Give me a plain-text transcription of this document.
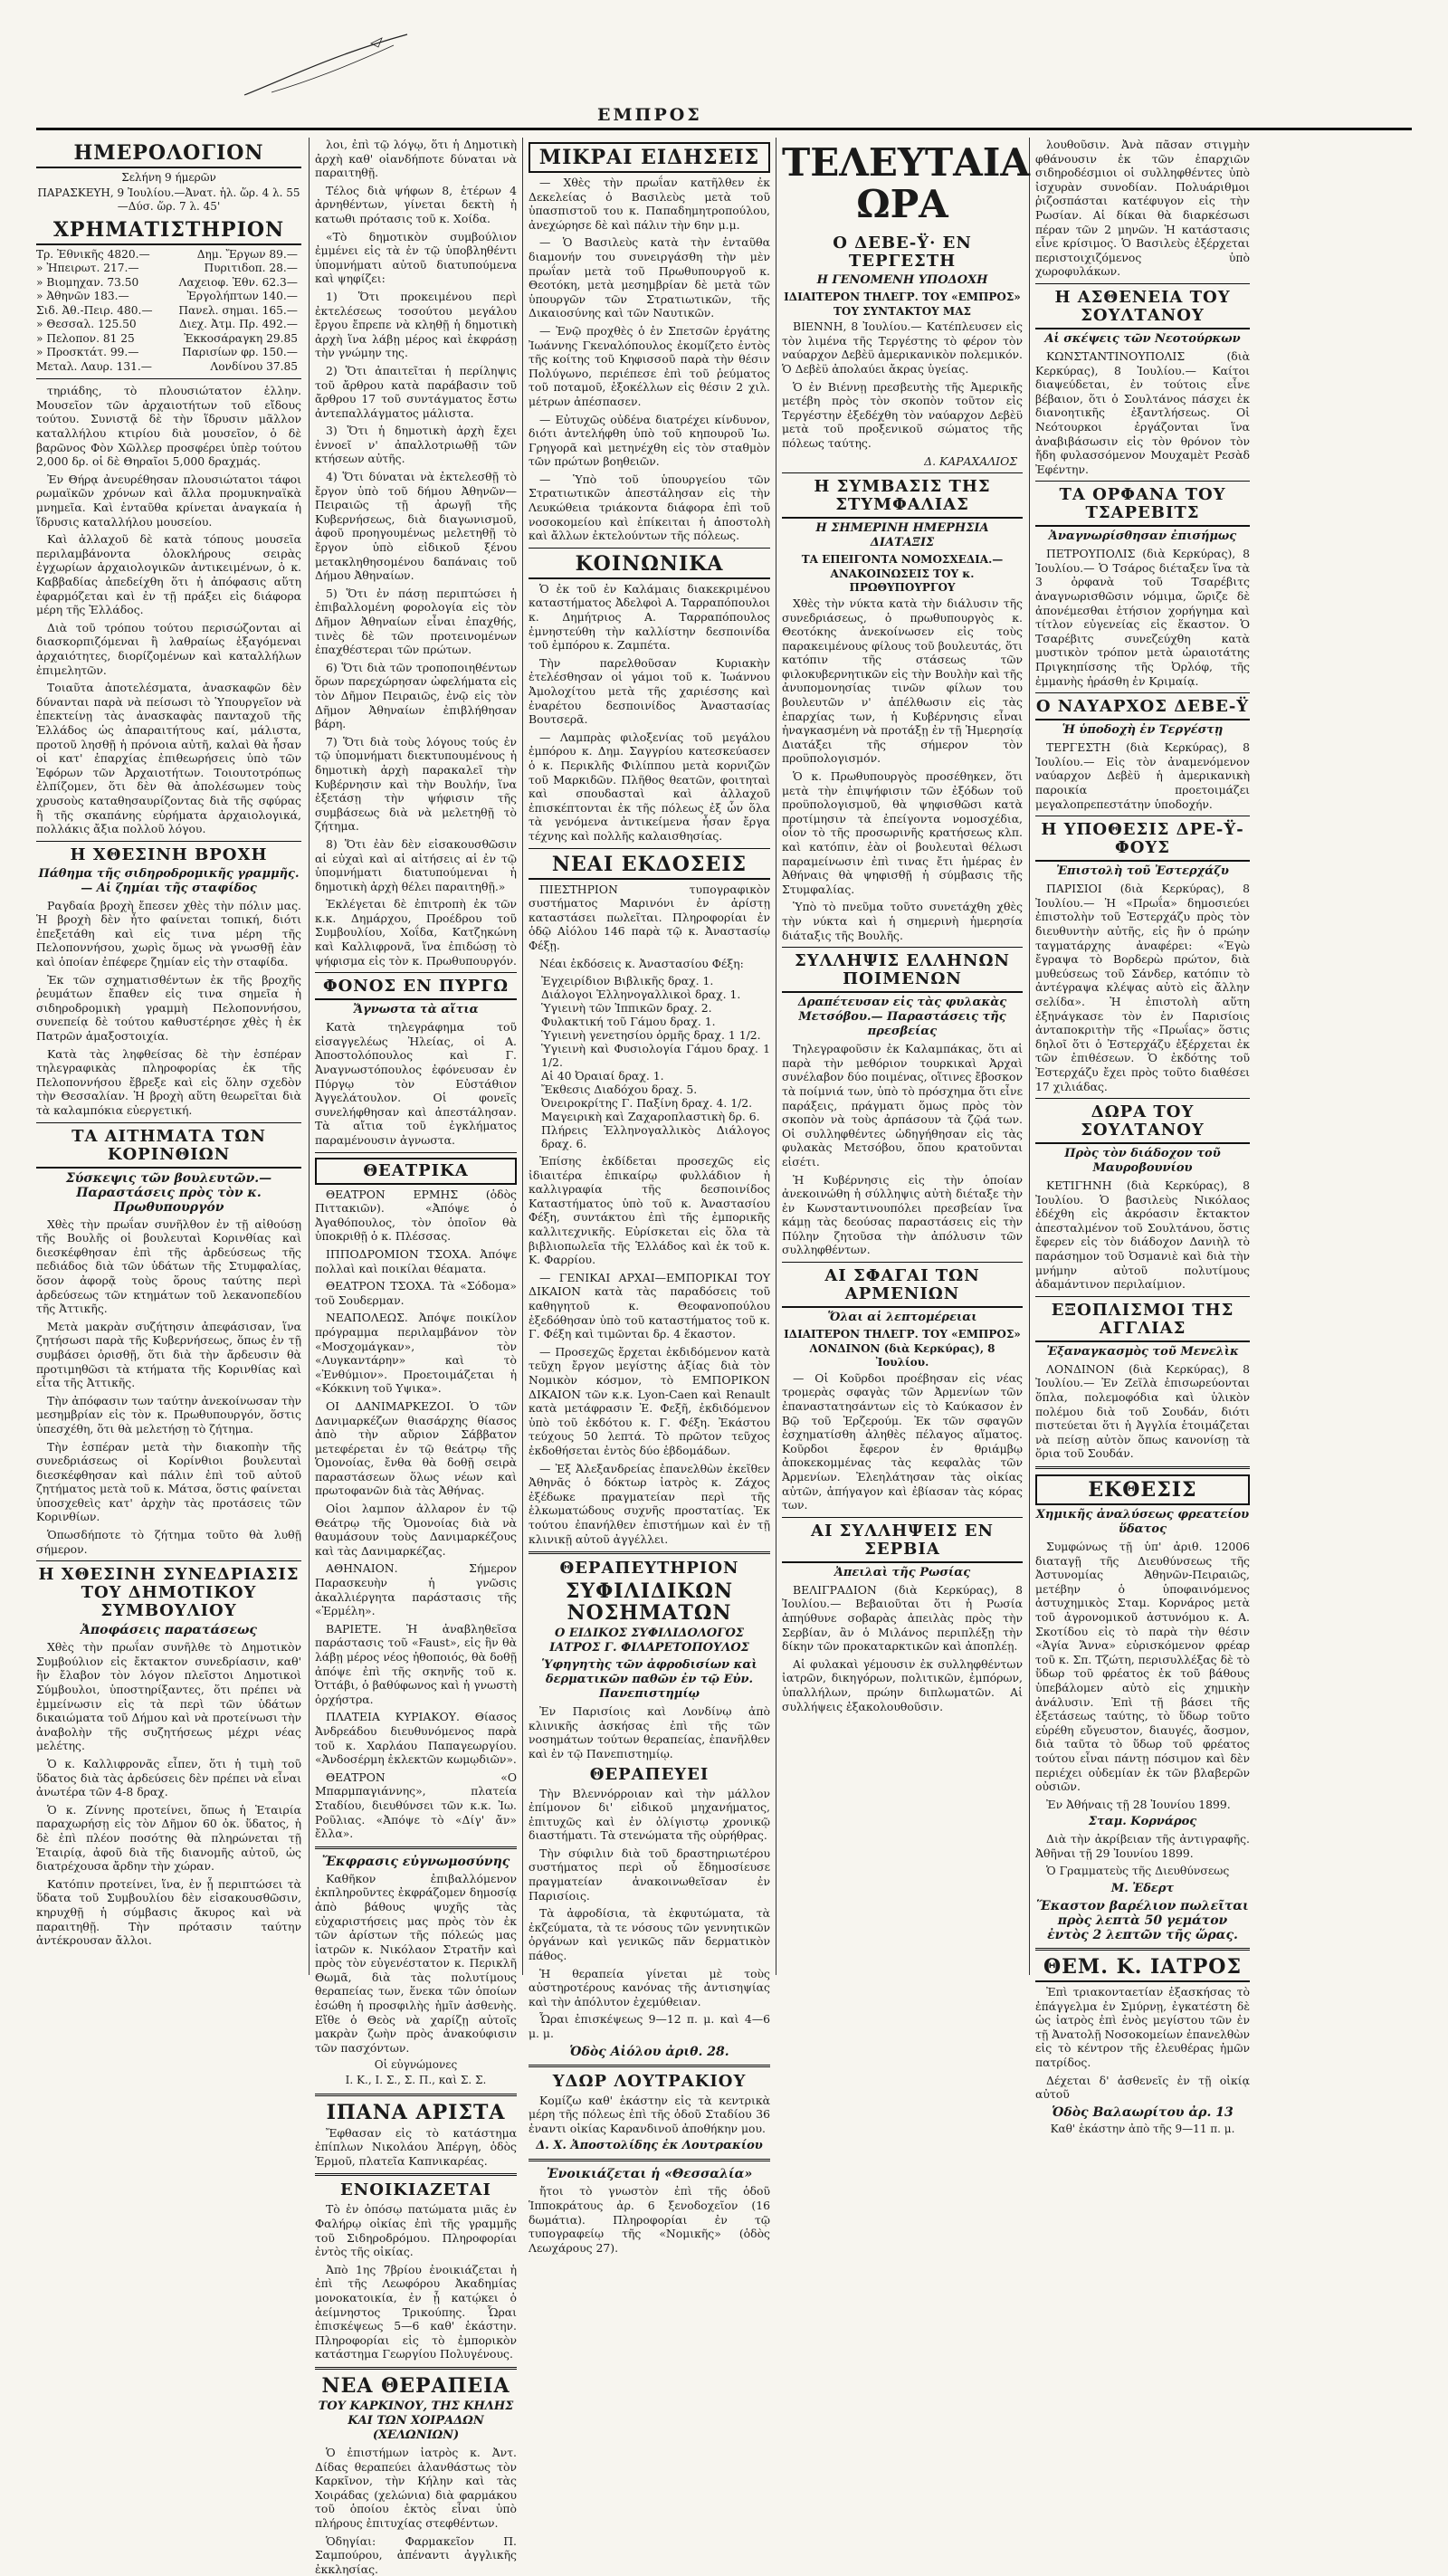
ΕΜΠΡΟΣ
ΗΜΕΡΟΛΟΓΙΟΝ
Σελήνη 9 ήμερῶν
ΠΑΡΑΣΚΕΥΗ, 9 Ἰουλίου.—Ἀνατ. ἡλ. ὥρ. 4 λ. 55—Δύσ. ὥρ. 7 λ. 45'
ΧΡΗΜΑΤΙΣΤΗΡΙΟΝ
Τρ. Ἐθνικῆς 4820.—	Δημ. Ἔργων 89.—
» Ἠπειρωτ. 217.—	Πυριτιδοπ. 28.—
» Βιομηχαν. 73.50	Λαχειοφ. Ἐθν. 62.3—
» Ἀθηνῶν 183.—	Ἐργολήπτων 140.—
Σιδ. Ἀθ.-Πειρ. 480.—	Πανελ. σημαι. 165.—
» Θεσσαλ. 125.50	Διεχ. Ἀτμ. Πρ. 492.—
» Πελοπον. 81 25	Ἐκκοσάραγκη 29.85
» Προσκτάτ. 99.—	Παρισίων φρ. 150.—
Μεταλ. Λαυρ. 131.—	Λονδίνου 37.85

τηριάδης, τὸ πλουσιώτατον ἑλλην. Μουσεῖον τῶν ἀρχαιοτήτων τοῦ εἴδους τούτου. Συνιστᾷ δὲ τὴν ἵδρυσιν μᾶλλον καταλλήλου κτιρίου διὰ μουσεῖον, ὁ δὲ βαρῶνος Φὸν Χῶλλερ προσφέρει ὑπὲρ τούτου 2,000 δρ. οἱ δὲ Θηραῖοι 5,000 δραχμάς.

Ἐν Θήρᾳ ἀνευρέθησαν πλουσιώτατοι τάφοι ρωμαϊκῶν χρόνων καὶ ἄλλα προμυκηναϊκὰ μνημεῖα. Καὶ ἐνταῦθα κρίνεται ἀναγκαία ἡ ἵδρυσις καταλλήλου μουσείου.

Καὶ ἀλλαχοῦ δὲ κατὰ τόπους μουσεῖα περιλαμβάνοντα ὁλοκλήρους σειρὰς ἐγχωρίων ἀρχαιολογικῶν ἀντικειμένων, ὁ κ. Καββαδίας ἀπεδείχθη ὅτι ἡ ἀπόφασις αὕτη ἐφαρμόζεται καὶ ἐν τῇ πράξει εἰς διάφορα μέρη τῆς Ἑλλάδος.

Διὰ τοῦ τρόπου τούτου περισώζονται αἱ διασκορπιζόμεναι ἢ λαθραίως ἐξαγόμεναι ἀρχαιότητες, διορίζομένων καὶ καταλλήλων ἐπιμελητῶν.

Τοιαῦτα ἀποτελέσματα, ἀνασκαφῶν δὲν δύνανται παρὰ νὰ πείσωσι τὸ Ὑπουργεῖον νὰ ἐπεκτείνῃ τὰς ἀνασκαφὰς πανταχοῦ τῆς Ἑλλάδος ὡς ἀπαραιτήτους καί, μάλιστα, προτοῦ λησθῇ ἡ πρόνοια αὐτῆ, καλαὶ θὰ ἦσαν οἱ κατ' ἐπαρχίας ἐπιθεωρήσεις ὑπὸ τῶν Ἐφόρων τῶν Ἀρχαιοτήτων. Τοιουτοτρόπως ἐλπίζομεν, ὅτι δὲν θὰ ἀπολέσωμεν τοὺς χρυσοὺς καταθησαυρίζοντας διὰ τῆς σφύρας ἢ τῆς σκαπάνης εὑρήματα ἀρχαιολογικά, πολλάκις ἄξια πολλοῦ λόγου.

Η ΧΘΕΣΙΝΗ ΒΡΟΧΗ
Πάθημα τῆς σιδηροδρομικῆς γραμμῆς.— Αἱ ζημίαι τῆς σταφίδος

Ραγδαία βροχὴ ἔπεσεν χθὲς τὴν πόλιν μας. Ἡ βροχὴ δὲν ἦτο φαίνεται τοπική, διότι ἐπεξετάθη καὶ εἰς τινα μέρη τῆς Πελοποννήσου, χωρὶς ὅμως νὰ γνωσθῇ ἐὰν καὶ ὁποίαν ἐπέφερε ζημίαν εἰς τὴν σταφίδα.

Ἐκ τῶν σχηματισθέντων ἐκ τῆς βροχῆς ῥευμάτων ἔπαθεν εἰς τινα σημεῖα ἡ σιδηροδρομικὴ γραμμὴ Πελοποννήσου, συνεπείᾳ δὲ τούτου καθυστέρησε χθὲς ἡ ἐκ Πατρῶν ἁμαξοστοιχία.

Κατὰ τὰς ληφθείσας δὲ τὴν ἑσπέραν τηλεγραφικὰς πληροφορίας ἐκ τῆς Πελοποννήσου ἔβρεξε καὶ εἰς ὅλην σχεδὸν τὴν Θεσσαλίαν. Ἡ βροχὴ αὕτη θεωρεῖται διὰ τὰ καλαμπόκια εὐεργετική.

ΤΑ ΑΙΤΗΜΑΤΑ ΤΩΝ ΚΟΡΙΝΘΙΩΝ
Σύσκεψις τῶν βουλευτῶν.— Παραστάσεις πρὸς τὸν κ. Πρωθυπουργόν

Χθὲς τὴν πρωΐαν συνῆλθον ἐν τῇ αἰθούσῃ τῆς Βουλῆς οἱ βουλευταὶ Κορινθίας καὶ διεσκέφθησαν ἐπὶ τῆς ἀρδεύσεως τῆς πεδιάδος διὰ τῶν ὑδάτων τῆς Στυμφαλίας, ὅσον ἀφορᾷ τοὺς ὅρους ταύτης περὶ ἀρδεύσεως τῶν κτημάτων τοῦ λεκανοπεδίου τῆς Ἀττικῆς.

Μετὰ μακρὰν συζήτησιν ἀπεφάσισαν, ἵνα ζητήσωσι παρὰ τῆς Κυβερνήσεως, ὅπως ἐν τῇ συμβάσει ὁρισθῇ, ὅτι διὰ τὴν ἄρδευσιν θὰ προτιμηθῶσι τὰ κτήματα τῆς Κορινθίας καὶ εἶτα τῆς Ἀττικῆς.

Τὴν ἀπόφασιν των ταύτην ἀνεκοίνωσαν τὴν μεσημβρίαν εἰς τὸν κ. Πρωθυπουργόν, ὅστις ὑπεσχέθη, ὅτι θὰ μελετήσῃ τὸ ζήτημα.

Τὴν ἑσπέραν μετὰ τὴν διακοπὴν τῆς συνεδριάσεως οἱ Κορίνθιοι βουλευταὶ διεσκέφθησαν καὶ πάλιν ἐπὶ τοῦ αὐτοῦ ζητήματος μετὰ τοῦ κ. Μάτσα, ὅστις φαίνεται ὑποσχεθεὶς κατ' ἀρχὴν τὰς προτάσεις τῶν Κορινθίων.

Ὁπωσδήποτε τὸ ζήτημα τοῦτο θὰ λυθῇ σήμερον.

Η ΧΘΕΣΙΝΗ ΣΥΝΕΔΡΙΑΣΙΣ ΤΟΥ ΔΗΜΟΤΙΚΟΥ ΣΥΜΒΟΥΛΙΟΥ
Ἀποφάσεις παρατάσεως

Χθὲς τὴν πρωΐαν συνῆλθε τὸ Δημοτικὸν Συμβούλιον εἰς ἔκτακτον συνεδρίασιν, καθ' ἣν ἔλαβον τὸν λόγον πλεῖστοι Δημοτικοὶ Σύμβουλοι, ὑποστηρίξαντες, ὅτι πρέπει νὰ ἐμμείνωσιν εἰς τὰ περὶ τῶν ὑδάτων δικαιώματα τοῦ Δήμου καὶ νὰ προτείνωσι τὴν ἀναβολὴν τῆς συζητήσεως μέχρι νέας μελέτης.

Ὁ κ. Καλλιφρονᾶς εἶπεν, ὅτι ἡ τιμὴ τοῦ ὕδατος διὰ τὰς ἀρδεύσεις δὲν πρέπει νὰ εἶναι ἀνωτέρα τῶν 4-8 δραχ.

Ὁ κ. Ζίννης προτείνει, ὅπως ἡ Ἑταιρία παραχωρήσῃ εἰς τὸν Δῆμον 60 ὀκ. ὕδατος, ἡ δὲ ἐπὶ πλέον ποσότης θὰ πληρώνεται τῇ Ἑταιρίᾳ, ἀφοῦ διὰ τῆς διανομῆς αὐτοῦ, ὡς διατρέχουσα ἄρδην τὴν χώραν.

Κατόπιν προτείνει, ἵνα, ἐν ᾗ περιπτώσει τὰ ὕδατα τοῦ Συμβουλίου δὲν εἰσακουσθῶσιν, κηρυχθῇ ἡ σύμβασις ἄκυρος καὶ νὰ παραιτηθῇ. Τὴν πρότασιν ταύτην ἀντέκρουσαν ἄλλοι.

λοι, ἐπὶ τῷ λόγῳ, ὅτι ἡ Δημοτικὴ ἀρχὴ καθ' οἱανδήποτε δύναται νὰ παραιτηθῇ.

Τέλος διὰ ψήφων 8, ἐτέρων 4 ἀρνηθέντων, γίνεται δεκτὴ ἡ κατωθι πρότασις τοῦ κ. Χοίδα.

«Τὸ δημοτικὸν συμβούλιον ἐμμένει εἰς τὰ ἐν τῷ ὑποβληθέντι ὑπομνήματι αὐτοῦ διατυπούμενα καὶ ψηφίζει:

1) Ὅτι προκειμένου περὶ ἐκτελέσεως τοσούτου μεγάλου ἔργου ἔπρεπε νὰ κληθῇ ἡ δημοτικὴ ἀρχὴ ἵνα λάβῃ μέρος καὶ ἐκφράσῃ τὴν γνώμην της.

2) Ὅτι ἀπαιτεῖται ἡ περίληψις τοῦ ἄρθρου κατὰ παράβασιν τοῦ ἄρθρου 17 τοῦ συντάγματος ἔστω ἀντεπαλλάγματος μάλιστα.

3) Ὅτι ἡ δημοτικὴ ἀρχὴ ἔχει ἐννοεῖ ν' ἀπαλλοτριωθῇ τῶν κτήσεων αὐτῆς.

4) Ὅτι δύναται νὰ ἐκτελεσθῇ τὸ ἔργον ὑπὸ τοῦ δήμου Ἀθηνῶν—Πειραιῶς τῇ ἀρωγῇ τῆς Κυβερνήσεως, διὰ διαγωνισμοῦ, ἀφοῦ προηγουμένως μελετηθῇ τὸ ἔργον ὑπὸ εἰδικοῦ ξένου μετακληθησομένου δαπάναις τοῦ Δήμου Ἀθηναίων.

5) Ὅτι ἐν πάσῃ περιπτώσει ἡ ἐπιβαλλομένη φορολογία εἰς τὸν Δῆμον Ἀθηναίων εἶναι ἐπαχθής, τινὲς δὲ τῶν προτεινομένων ἐπαχθέστεραι τῶν πρώτων.

6) Ὅτι διὰ τῶν τροποποιηθέντων ὅρων παρεχώρησαν ὠφελήματα εἰς τὸν Δῆμον Πειραιῶς, ἐνῷ εἰς τὸν Δῆμον Ἀθηναίων ἐπιβλήθησαν βάρη.

7) Ὅτι διὰ τοὺς λόγους τούς ἐν τῷ ὑπομνήματι διεκτυπουμένους ἡ δημοτικὴ ἀρχὴ παρακαλεῖ τὴν Κυβέρνησιν καὶ τὴν Βουλήν, ἵνα ἐξετάσῃ τὴν ψήφισιν τῆς συμβάσεως διὰ νὰ μελετηθῇ τὸ ζήτημα.

8) Ὅτι ἐὰν δὲν εἰσακουσθῶσιν αἱ εὐχαὶ καὶ αἱ αἰτήσεις αἱ ἐν τῷ ὑπομνήματι διατυπούμεναι ἡ δημοτικὴ ἀρχὴ θέλει παραιτηθῇ.»

Ἐκλέγεται δὲ ἐπιτροπὴ ἐκ τῶν κ.κ. Δημάρχου, Προέδρου τοῦ Συμβουλίου, Χοΐδα, Κατζηκώνη καὶ Καλλιφρονᾶ, ἵνα ἐπιδώσῃ τὸ ψήφισμα εἰς τὸν κ. Πρωθυπουργόν.

ΦΟΝΟΣ ΕΝ ΠΥΡΓΩ
Ἄγνωστα τὰ αἴτια

Κατὰ τηλεγράφημα τοῦ εἰσαγγελέως Ἠλείας, οἱ Α. Ἀποστολόπουλος καὶ Γ. Ἀναγνωστόπουλος ἐφόνευσαν ἐν Πύργῳ τὸν Εὐστάθιον Ἀγγελάτουλον. Οἱ φονεῖς συνελήφθησαν καὶ ἀπεστάλησαν. Τὰ αἴτια τοῦ ἐγκλήματος παραμένουσιν ἀγνωστα.

ΘΕΑΤΡΙΚΑ

ΘΕΑΤΡΟΝ ΕΡΜΗΣ (ὁδὸς Πιττακιῶν). «Ἀπόψε ὁ Ἀγαθόπουλος, τὸν ὁποῖον θὰ ὑποκριθῇ ὁ κ. Πλέσσας.

ΙΠΠΟΔΡΟΜΙΟΝ ΤΣΟΧΑ. Ἀπόψε πολλαὶ καὶ ποικίλαι θέαματα.

ΘΕΑΤΡΟΝ ΤΣΟΧΑ. Τὰ «Σόδομα» τοῦ Σουδερμαν.

ΝΕΑΠΟΛΕΩΣ. Ἀπόψε ποικίλον πρόγραμμα περιλαμβάνον τὸν «Μοσχομάγκαν», τὸν «Λυγκαντάρην» καὶ τὸ «Ἐνθύμιον». Προετοιμάζεται ἡ «Κόκκινη τοῦ Υψικα».

ΟΙ ΔΑΝΙΜΑΡΚΕΖΟΙ. Ὁ τῶν Δανιμαρκέζων θιασάρχης θίασος ἀπὸ τὴν αὔριον Σάββατον μετεφέρεται ἐν τῷ θεάτρῳ τῆς Ὁμονοίας, ἔνθα θὰ δοθῇ σειρὰ παραστάσεων ὅλως νέων καὶ πρωτοφανῶν διὰ τὰς Ἀθήνας.

Οἱοι λαμπον ἀλλαρον ἐν τῷ Θεάτρῳ τῆς Ὁμονοίας διὰ νὰ θαυμάσουν τοὺς Δανιμαρκέζους καὶ τὰς Δανιμαρκέζας.

ΑΘΗΝΑΙΟΝ. Σήμερον Παρασκευὴν ἡ γνῶσις ἀκαλλιέργητα παράστασις τῆς «Ἑρμέλη».

ΒΑΡΙΕΤΕ. Ἡ ἀναβληθεῖσα παράστασις τοῦ «Faust», εἰς ἣν θὰ λάβῃ μέρος νέος ἠθοποιός, θὰ δοθῇ ἀπόψε ἐπὶ τῆς σκηνῆς τοῦ κ. Ὀττάβι, ὁ βαθύφωνος καὶ ἡ γνωστὴ ὀρχήστρα.

ΠΛΑΤΕΙΑ ΚΥΡΙΑΚΟΥ. Θίασος Ἀνδρεάδου διευθυνόμενος παρὰ τοῦ κ. Χαρλάου Παπαγεωργίου. «Ἀνδοσέρμη ἐκλεκτῶν κωμῳδιῶν».

ΘΕΑΤΡΟΝ «Ο Μπαρμπαγιάννης», πλατεία Σταδίου, διευθύνσει τῶν κ.κ. Ἰω. Ροῦλιας. «Ἀπόψε τὸ «Δίγ' ἄν» ἔλλα».

Ἔκφρασις εὐγνωμοσύνης

Καθῆκον ἐπιβαλλόμενον ἐκπληροῦντες ἐκφράζομεν δημοσίᾳ ἀπὸ βάθους ψυχῆς τὰς εὐχαριστήσεις μας πρὸς τὸν ἐκ τῶν ἀρίστων τῆς πόλεώς μας ἰατρῶν κ. Νικόλαον Στρατῆν καὶ πρὸς τὸν εὐγενέστατον κ. Περικλῆ Θωμᾶ, διὰ τὰς πολυτίμους θεραπείας των, ἕνεκα τῶν ὁποίων ἐσώθη ἡ προσφιλὴς ἡμῖν ἀσθενὴς. Εἴθε ὁ Θεὸς νὰ χαρίζῃ αὐτοῖς μακρὰν ζωὴν πρὸς ἀνακούφισιν τῶν πασχόντων.

Οἱ εὐγνώμονες
Ι. Κ., Ι. Σ., Σ. Π., καὶ Σ. Σ.
ΙΠΑΝΑ ΑΡΙΣΤΑ

Ἔφθασαν εἰς τὸ κατάστημα ἐπίπλων Νικολάου Ἀπέργη, ὁδὸς Ἑρμοῦ, πλατεῖα Καπνικαρέας.

ΕΝΟΙΚΙΑΖΕΤΑΙ

Τὸ ἐν ὀπόσῳ πατώματα μιᾶς ἐν Φαλήρῳ οἰκίας ἐπὶ τῆς γραμμῆς τοῦ Σιδηροδρόμου. Πληροφορίαι ἐντὸς τῆς οἰκίας.

Ἀπὸ 1ης 7βρίου ἐνοικιάζεται ἡ ἐπὶ τῆς Λεωφόρου Ἀκαδημίας μονοκατοικία, ἐν ᾗ κατῴκει ὁ ἀείμνηστος Τρικούπης. Ὧραι ἐπισκέψεως 5—6 καθ' ἑκάστην. Πληροφορίαι εἰς τὸ ἐμπορικὸν κατάστημα Γεωργίου Πολυγένους.

ΝΕΑ ΘΕΡΑΠΕΙΑ
ΤΟΥ ΚΑΡΚΙΝΟΥ, ΤΗΣ ΚΗΛΗΣ ΚΑΙ ΤΩΝ ΧΟΙΡΑΔΩΝ (ΧΕΛΩΝΙΩΝ)

Ὁ ἐπιστήμων ἰατρὸς κ. Ἀντ. Δίδας θεραπεύει ἀλανθάστως τὸν Καρκῖνον, τὴν Κήλην καὶ τὰς Χοιράδας (χελώνια) διὰ φαρμάκου τοῦ ὁποίου ἐκτὸς εἶναι ὑπὸ πλήρους ἐπιτυχίας στεφθέντων.

Ὁδηγίαι: Φαρμακεῖον Π. Σαμπούρου, ἀπέναντι ἀγγλικῆς ἐκκλησίας.

ΜΙΚΡΑΙ ΕΙΔΗΣΕΙΣ

— Χθὲς τὴν πρωΐαν κατῆλθεν ἐκ Δεκελείας ὁ Βασιλεὺς μετὰ τοῦ ὑπασπιστοῦ του κ. Παπαδημητροπούλου, ἀνεχώρησε δὲ καὶ πάλιν τὴν 6ην μ.μ.

— Ὁ Βασιλεὺς κατὰ τὴν ἐνταῦθα διαμονήν του συνειργάσθη τὴν μὲν πρωΐαν μετὰ τοῦ Πρωθυπουργοῦ κ. Θεοτόκη, μετὰ μεσημβρίαν δὲ μετὰ τῶν ὑπουργῶν τῶν Στρατιωτικῶν, τῆς Δικαιοσύνης καὶ τῶν Ναυτικῶν.

— Ἐνῷ προχθὲς ὁ ἐν Σπετσῶν ἐργάτης Ἰωάννης Γκεναλόπουλος ἐκομίζετο ἐντὸς τῆς κοίτης τοῦ Κηφισσοῦ παρὰ τὴν θέσιν Πολύγωνο, περιέπεσε ἐπὶ τοῦ ῥεύματος τοῦ ποταμοῦ, ἐξοκέλλων εἰς θέσιν 2 χιλ. μέτρων ἀπέσπασεν.

— Εὐτυχῶς οὐδένα διατρέχει κίνδυνον, διότι ἀντελήφθη ὑπὸ τοῦ κηπουροῦ Ἰω. Γρηγορᾶ καὶ μετηνέχθη εἰς τὸν σταθμὸν τῶν πρώτων βοηθειῶν.

— Ὑπὸ τοῦ ὑπουργείου τῶν Στρατιωτικῶν ἀπεστάλησαν εἰς τὴν Λευκώθεια τριάκοντα διάφορα ἐπὶ τοῦ νοσοκομείου καὶ ἐπίκειται ἡ ἀποστολὴ καὶ ἄλλων ἐκτελούντων τῆς πόλεως.

ΚΟΙΝΩΝΙΚΑ

Ὁ ἐκ τοῦ ἐν Καλάμαις διακεκριμένου καταστήματος Ἀδελφοὶ Α. Ταρραπόπουλοι κ. Δημήτριος Α. Ταρραπόπουλος ἐμνηστεύθη τὴν καλλίστην δεσποινίδα τοῦ ἐμπόρου κ. Ζαμπέτα.

Τὴν παρελθοῦσαν Κυριακὴν ἐτελέσθησαν οἱ γάμοι τοῦ κ. Ἰωάννου Ἀμολοχίτου μετὰ τῆς χαριέσσης καὶ ἐναρέτου δεσποινίδος Ἀναστασίας Βουτσερᾶ.

— Λαμπρὰς φιλοξενίας τοῦ μεγάλου ἐμπόρου κ. Δημ. Σαγγρίου κατεσκεύασεν ὁ κ. Περικλῆς Φιλίππου μετὰ κορνιζῶν τοῦ Μαρκιδῶν. Πλῆθος θεατῶν, φοιτηταὶ καὶ σπουδασταὶ καὶ ἀλλαχοῦ ἐπισκέπτονται ἐκ τῆς πόλεως ἐξ ὧν ὅλα τὰ γενόμενα ἀντικείμενα ἦσαν ἔργα τέχνης καὶ πολλῆς καλαισθησίας.

ΝΕΑΙ ΕΚΔΟΣΕΙΣ

ΠΙΕΣΤΗΡΙΟΝ τυπογραφικὸν συστήματος Μαρινόνι ἐν ἀρίστῃ καταστάσει πωλεῖται. Πληροφορίαι ἐν ὁδῷ Αἰόλου 146 παρὰ τῷ κ. Ἀναστασίῳ Φέξῃ.

Νέαι ἐκδόσεις κ. Ἀναστασίου Φέξη:

Ἐγχειρίδιον Βιβλικῆς δραχ. 1.
Διάλογοι Ἑλληνογαλλικοὶ δραχ. 1.
Ὑγιεινὴ τῶν Ἱππικῶν δραχ. 2.
Φυλακτική τοῦ Γάμου δραχ. 1.
Ὑγιεινὴ γενετησίου ὁρμῆς δραχ. 1 1/2.
Ὑγιεινὴ καὶ Φυσιολογία Γάμου δραχ. 1 1/2.
Αἱ 40 Ὀραιαί δραχ. 1.
Ἔκθεσις Διαδόχου δραχ. 5.
Ὀνειροκρίτης Γ. Παξίνη δραχ. 4. 1/2.
Μαγειρικὴ καὶ Ζαχαροπλαστικὴ δρ. 6.
Πλήρεις Ἑλληνογαλλικὸς Διάλογος δραχ. 6.

Ἐπίσης ἐκδίδεται προσεχῶς εἰς ἰδιαιτέρα ἐπικαίρῳ φυλλάδιον ἡ καλλιγραφία τῆς δεσποινίδος Καταστήματος ὑπὸ τοῦ κ. Ἀναστασίου Φέξη, συντάκτου ἐπὶ τῆς ἐμπορικῆς καλλιτεχνικῆς. Εὐρίσκεται εἰς ὅλα τὰ βιβλιοπωλεῖα τῆς Ἑλλάδος καὶ ἐκ τοῦ κ. Κ. Φαρρίου.

— ΓΕΝΙΚΑΙ ΑΡΧΑΙ—ΕΜΠΟΡΙΚΑΙ ΤΟΥ ΔΙΚΑΙΟΝ κατὰ τὰς παραδόσεις τοῦ καθηγητοῦ κ. Θεοφανοπούλου ἐξεδόθησαν ὑπὸ τοῦ καταστήματος τοῦ κ. Γ. Φέξη καὶ τιμῶνται δρ. 4 ἕκαστον.

— Προσεχῶς ἔρχεται ἐκδιδόμενον κατὰ τεῦχη ἔργον μεγίστης ἀξίας διὰ τὸν Νομικὸν κόσμον, τὸ ΕΜΠΟΡΙΚΟΝ ΔΙΚΑΙΟΝ τῶν κ.κ. Lyon-Caen καὶ Renault κατὰ μετάφρασιν Ἐ. Φεξῆ, ἐκδιδόμενον ὑπὸ τοῦ ἐκδότου κ. Γ. Φέξη. Ἐκάστου τεύχους 50 λεπτά. Τὸ πρῶτον τεῦχος ἐκδοθήσεται ἐντὸς δύο ἑβδομάδων.

— Ἐξ Ἀλεξανδρείας ἐπανελθὼν ἐκεῖθεν Ἀθηνᾶς ὁ δόκτωρ ἰατρὸς κ. Ζάχος ἐξέδωκε πραγματείαν περὶ τῆς ἑλκωματώδους συχνῆς προστατίας. Ἐκ τούτου ἐπανήλθεν ἐπιστήμων καὶ ἐν τῇ κλινικῇ αὐτοῦ ἀγγέλλει.

ΘΕΡΑΠΕΥΤΗΡΙΟΝ
ΣΥΦΙΛΙΔΙΚΩΝ ΝΟΣΗΜΑΤΩΝ
Ο ΕΙΔΙΚΟΣ ΣΥΦΙΛΙΔΟΛΟΓΟΣ ΙΑΤΡΟΣ Γ. ΦΙΛΑΡΕΤΟΠΟΥΛΟΣ
Ὑφηγητὴς τῶν ἀφροδισίων καὶ δερματικῶν παθῶν ἐν τῷ Εὐν. Πανεπιστημίῳ

Ἐν Παρισίοις καὶ Λονδίνῳ ἀπὸ κλινικῆς ἀσκήσας ἐπὶ τῆς τῶν νοσημάτων τούτων θεραπείας, ἐπανῆλθεν καὶ ἐν τῷ Πανεπιστημίῳ.

ΘΕΡΑΠΕΥΕΙ

Τὴν Βλεννόρροιαν καὶ τὴν μάλλον ἐπίμονον δι' εἰδικοῦ μηχανήματος, ἐπιτυχῶς καὶ ἐν ὀλίγιστῳ χρονικῷ διαστήματι. Τὰ στενώματα τῆς οὐρήθρας.

Τὴν σύφιλιν διὰ τοῦ δραστηριωτέρου συστήματος περὶ οὗ ἔδημοσίευσε πραγματείαν ἀνακοινωθεῖσαν ἐν Παρισίοις.

Τὰ ἀφροδίσια, τὰ ἐκφυτώματα, τὰ ἐκζεύματα, τὰ τε νόσους τῶν γεννητικῶν ὀργάνων καὶ γενικῶς πᾶν δερματικὸν πάθος.

Ἡ θεραπεία γίνεται μὲ τοὺς αὐστηροτέρους κανόνας τῆς ἀντισηψίας καὶ τὴν ἀπόλυτον ἐχεμύθειαν.

Ὧραι ἐπισκέψεως 9—12 π. μ. καὶ 4—6 μ. μ.

Ὁδὸς Αἰόλου ἀριθ. 28.
ΥΔΩΡ ΛΟΥΤΡΑΚΙΟΥ

Κομίζω καθ' ἑκάστην εἰς τὰ κεντρικὰ μέρη τῆς πόλεως ἐπὶ τῆς ὁδοῦ Σταδίου 36 ἐναντι οἰκίας Καρανδινοῦ ἀποθήκην μου.

Δ. Χ. Ἀποστολίδης ἐκ Λουτρακίου
Ἐνοικιάζεται ἡ «Θεσσαλία»

ἤτοι τὸ γνωστὸν ἐπὶ τῆς ὁδοῦ Ἱπποκράτους ἀρ. 6 ξενοδοχεῖον (16 δωμάτια). Πληροφορίαι ἐν τῷ τυπογραφείῳ τῆς «Νομικῆς» (ὁδὸς Λεωχάρους 27).

ΤΕΛΕΥΤΑΙΑ ΩΡΑ
Ο ΔΕΒΕ-Ϋ· ΕΝ ΤΕΡΓΕΣΤΗ
Η ΓΕΝΟΜΕΝΗ ΥΠΟΔΟΧΗ
ΙΔΙΑΙΤΕΡΟΝ ΤΗΛΕΓΡ. ΤΟΥ «ΕΜΠΡΟΣ» ΤΟΥ ΣΥΝΤΑΚΤΟΥ ΜΑΣ

ΒΙΕΝΝΗ, 8 Ἰουλίου.— Κατέπλευσεν εἰς τὸν λιμένα τῆς Τεργέστης τὸ φέρον τὸν ναύαρχον Δεβὲϋ ἀμερικανικὸν πολεμικόν. Ὁ Δεβὲϋ ἀπολαύει ἄκρας ὑγείας.

Ὁ ἐν Βιέννῃ πρεσβευτὴς τῆς Ἀμερικῆς μετέβη πρὸς τὸν σκοπὸν τοῦτον εἰς Τεργέστην ἐξεδέχθη τὸν ναύαρχον Δεβὲϋ μετὰ τοῦ προξενικοῦ σώματος τῆς πόλεως ταύτης.

Δ. ΚΑΡΑΧΑΛΙΟΣ
Η ΣΥΜΒΑΣΙΣ ΤΗΣ ΣΤΥΜΦΑΛΙΑΣ
Η ΣΗΜΕΡΙΝΗ ΗΜΕΡΗΣΙΑ ΔΙΑΤΑΞΙΣ
ΤΑ ΕΠΕΙΓΟΝΤΑ ΝΟΜΟΣΧΕΔΙΑ.— ΑΝΑΚΟΙΝΩΣΕΙΣ ΤΟΥ κ. ΠΡΩΘΥΠΟΥΡΓΟΥ

Χθὲς τὴν νύκτα κατὰ τὴν διάλυσιν τῆς συνεδριάσεως, ὁ πρωθυπουργὸς κ. Θεοτόκης ἀνεκοίνωσεν εἰς τοὺς παρακειμένους φίλους τοῦ βουλευτάς, ὅτι κατόπιν τῆς στάσεως τῶν φιλοκυβερνητικῶν εἰς τὴν Βουλὴν καὶ τῆς ἀνυπομονησίας τινῶν φίλων του βουλευτῶν ν' ἀπέλθωσιν εἰς τὰς ἐπαρχίας των, ἡ Κυβέρνησις εἶναι ἠναγκασμένη νὰ προτάξῃ ἐν τῇ Ἡμερησίᾳ Διατάξει τῆς σήμερον τὸν προϋπολογισμόν.

Ὁ κ. Πρωθυπουργὸς προσέθηκεν, ὅτι μετὰ τὴν ἐπιψήφισιν τῶν ἐξόδων τοῦ προϋπολογισμοῦ, θὰ ψηφισθῶσι κατὰ προτίμησιν τὰ ἐπείγοντα νομοσχέδια, οἷον τὸ τῆς προσωρινῆς κρατήσεως κλπ. καὶ κατόπιν, ἐὰν οἱ βουλευταὶ θέλωσι παραμείνωσιν ἐπὶ τινας ἔτι ἡμέρας ἐν Ἀθήναις θὰ ψηφισθῇ ἡ σύμβασις τῆς Στυμφαλίας.

Ὑπὸ τὸ πνεῦμα τοῦτο συνετάχθη χθὲς τὴν νύκτα καὶ ἡ σημερινὴ ἡμερησία διάταξις τῆς Βουλῆς.

ΣΥΛΛΗΨΙΣ ΕΛΛΗΝΩΝ ΠΟΙΜΕΝΩΝ
Δραπέτευσαν εἰς τὰς φυλακὰς Μετσόβου.— Παραστάσεις τῆς πρεσβείας

Τηλεγραφοῦσιν ἐκ Καλαμπάκας, ὅτι αἱ παρὰ τὴν μεθόριον τουρκικαὶ Ἀρχαὶ συνέλαβον δύο ποιμένας, οἵτινες ἔβοσκον τὰ ποίμνιά των, ὑπὸ τὸ πρόσχημα ὅτι εἶνε παράξεις, πράγματι ὅμως πρὸς τὸν σκοπὸν νὰ τοὺς ἀρπάσουν τὰ ζῷά των. Οἱ συλληφθέντες ὡδηγήθησαν εἰς τὰς φυλακὰς Μετσόβου, ὅπου κρατοῦνται εἰσέτι.

Ἡ Κυβέρνησις εἰς τὴν ὁποίαν ἀνεκοινώθη ἡ σύλληψις αὐτὴ διέταξε τὴν ἐν Κωνσταντινουπόλει πρεσβείαν ἵνα κάμῃ τὰς δεούσας παραστάσεις εἰς τὴν Πύλην ζητοῦσα τὴν ἀπόλυσιν τῶν συλληφθέντων.

ΑΙ ΣΦΑΓΑΙ ΤΩΝ ΑΡΜΕΝΙΩΝ
Ὅλαι αἱ λεπτομέρειαι
ΙΔΙΑΙΤΕΡΟΝ ΤΗΛΕΓΡ. ΤΟΥ «ΕΜΠΡΟΣ» ΛΟΝΔΙΝΟΝ (διὰ Κερκύρας), 8 Ἰουλίου.

— Οἱ Κοῦρδοι προέβησαν εἰς νέας τρομερὰς σφαγὰς τῶν Ἀρμενίων τῶν ἐπαναστατησάντων εἰς τὸ Καύκασον ἐν Βῷ τοῦ Ἐρζερούμ. Ἐκ τῶν σφαγῶν ἐσχηματίσθη ἀληθὲς πέλαγος αἵματος. Κοῦρδοι ἔφερον ἐν θριάμβῳ ἀποκεκομμένας τὰς κεφαλὰς τῶν Ἀρμενίων. Ἐλεηλάτησαν τὰς οἰκίας αὐτῶν, ἀπήγαγον καὶ ἐβίασαν τὰς κόρας των.

ΑΙ ΣΥΛΛΗΨΕΙΣ ΕΝ ΣΕΡΒΙΑ
Ἀπειλαὶ τῆς Ρωσίας

ΒΕΛΙΓΡΑΔΙΟΝ (διὰ Κερκύρας), 8 Ἰουλίου.— Βεβαιοῦται ὅτι ἡ Ρωσία ἀπηύθυνε σοβαρὰς ἀπειλὰς πρὸς τὴν Σερβίαν, ἂν ὁ Μιλάνος περιπλέξῃ τὴν δίκην τῶν προκαταρκτικῶν καὶ ἀποπλέῃ.

Αἱ φυλακαὶ γέμουσιν ἐκ συλληφθέντων ἰατρῶν, δικηγόρων, πολιτικῶν, ἐμπόρων, ὑπαλλήλων, πρώην διπλωματῶν. Αἱ συλλήψεις ἐξακολουθοῦσιν.

λουθοῦσιν. Ἀνὰ πᾶσαν στιγμὴν φθάνουσιν ἐκ τῶν ἐπαρχιῶν σιδηροδέσμιοι οἱ συλληφθέντες ὑπὸ ἰσχυρὰν συνοδίαν. Πολυάριθμοι ῥιζοσπάσται κατέφυγον εἰς τὴν Ρωσίαν. Αἱ δίκαι θὰ διαρκέσωσι πέραν τῶν 2 μηνῶν. Ἡ κατάστασις εἶνε κρίσιμος. Ὁ Βασιλεὺς ἐξέρχεται περιστοιχιζόμενος ὑπὸ χωροφυλάκων.

Η ΑΣΘΕΝΕΙΑ ΤΟΥ ΣΟΥΛΤΑΝΟΥ
Αἱ σκέψεις τῶν Νεοτούρκων

ΚΩΝΣΤΑΝΤΙΝΟΥΠΟΛΙΣ (διὰ Κερκύρας), 8 Ἰουλίου.— Καίτοι διαψεύδεται, ἐν τούτοις εἶνε βέβαιον, ὅτι ὁ Σουλτάνος πάσχει ἐκ διανοητικῆς ἐξαντλήσεως. Οἱ Νεότουρκοι ἐργάζονται ἵνα ἀναβιβάσωσιν εἰς τὸν θρόνον τὸν ἤδη φυλασσόμενον Μουχαμὲτ Ρεσὰδ Ἐφέντην.

ΤΑ ΟΡΦΑΝΑ ΤΟΥ ΤΣΑΡΕΒΙΤΣ
Ἀναγνωρίσθησαν ἐπισήμως

ΠΕΤΡΟΥΠΟΛΙΣ (διὰ Κερκύρας), 8 Ἰουλίου.— Ὁ Τσάρος διέταξεν ἵνα τὰ 3 ὀρφανὰ τοῦ Τσαρέβιτς ἀναγνωρισθῶσιν νόμιμα, ὥριζε δὲ ἀπονέμεσθαι ἐτήσιον χορήγημα καὶ τίτλον εὐγενείας εἰς ἕκαστον. Ὁ Τσαρέβιτς συνεζεύχθη κατὰ μυστικὸν τρόπον μετὰ ὡραιοτάτης Πριγκηπίσσης τῆς Ὀρλόφ, τῆς ἐμμανὴς ἠράσθη ἐν Κριμαίᾳ.

Ο ΝΑΥΑΡΧΟΣ ΔΕΒΕ-Ϋ
Ἡ ὑποδοχὴ ἐν Τεργέστῃ

ΤΕΡΓΕΣΤΗ (διὰ Κερκύρας), 8 Ἰουλίου.— Εἰς τὸν ἀναμενόμενον ναύαρχον Δεβὲϋ ἡ ἀμερικανικὴ παροικία προετοιμάζει μεγαλοπρεπεστάτην ὑποδοχήν.

Η ΥΠΟΘΕΣΙΣ ΔΡΕ-Ϋ-ΦΟΥΣ
Ἐπιστολὴ τοῦ Ἐστερχάζυ

ΠΑΡΙΣΙΟΙ (διὰ Κερκύρας), 8 Ἰουλίου.— Ἡ «Πρωΐα» δημοσιεύει ἐπιστολὴν τοῦ Ἐστερχάζυ πρὸς τὸν διευθυντὴν αὐτῆς, εἰς ἣν ὁ πρώην ταγματάρχης ἀναφέρει: «Ἐγὼ ἔγραψα τὸ Βορδερὼ πρώτον, διὰ μυθεύσεως τοῦ Σάνδερ, κατόπιν τὸ ἀντέγραψα κλέψας αὐτὸ εἰς ἄλλην σελίδα». Ἡ ἐπιστολὴ αὕτη ἐξηνάγκασε τὸν ἐν Παρισίοις ἀνταποκριτὴν τῆς «Πρωΐας» ὅστις δηλοῖ ὅτι ὁ Ἐστερχάζυ ἐξέρχεται ἐκ τῶν ἐπιθέσεων. Ὁ ἐκδότης τοῦ Ἐστερχάζυ ἔχει πρὸς τοῦτο διαθέσει 17 χιλιάδας.

ΔΩΡΑ ΤΟΥ ΣΟΥΛΤΑΝΟΥ
Πρὸς τὸν διάδοχον τοῦ Μαυροβουνίου

ΚΕΤΙΓΗΝΗ (διὰ Κερκύρας), 8 Ἰουλίου. Ὁ βασιλεὺς Νικόλαος ἐδέχθη εἰς ἀκρόασιν ἔκτακτον ἀπεσταλμένον τοῦ Σουλτάνου, ὅστις ἔφερεν εἰς τὸν διάδοχον Δανιὴλ τὸ παράσημον τοῦ Ὀσμανιὲ καὶ διὰ τὴν μνήμην αὐτοῦ πολυτίμους ἀδαμάντινον περιλαίμιον.

ΕΞΟΠΛΙΣΜΟΙ ΤΗΣ ΑΓΓΛΙΑΣ
Ἐξαναγκασμὸς τοῦ Μενελὶκ

ΛΟΝΔΙΝΟΝ (διὰ Κερκύρας), 8 Ἰουλίου.— Ἐν Ζεϊλὰ ἐπισωρεύονται ὅπλα, πολεμοφόδια καὶ ὑλικὸν πολέμου διὰ τοῦ Σουδάν, διότι πιστεύεται ὅτι ἡ Ἀγγλία ἑτοιμάζεται νὰ πείσῃ αὐτὸν ὅπως κανονίσῃ τὰ ὅρια τοῦ Σουδάν.

ΕΚΘΕΣΙΣ
Χημικῆς ἀναλύσεως φρεατείου ὕδατος

Συμφώνως τῇ ὑπ' ἀριθ. 12006 διαταγῇ τῆς Διευθύνσεως τῆς Ἀστυνομίας Ἀθηνῶν-Πειραιῶς, μετέβην ὁ ὑποφαινόμενος ἀστυχημικὸς Σταμ. Κορνάρος μετὰ τοῦ ἀγρονομικοῦ ἀστυνόμου κ. Α. Σκοτίδου εἰς τὸ παρὰ τὴν θέσιν «Ἁγία Ἄννα» εὑρισκόμενον φρέαρ τοῦ κ. Σπ. Τζώτη, περισυλλέξας δὲ τὸ ὕδωρ τοῦ φρέατος ἐκ τοῦ βάθους ὑπεβάλομεν αὐτὸ εἰς χημικὴν ἀνάλυσιν. Ἐπὶ τῇ βάσει τῆς ἐξετάσεως ταύτης, τὸ ὕδωρ τοῦτο εὑρέθη εὔγευστον, διαυγές, ἄοσμον, διὰ ταῦτα τὸ ὕδωρ τοῦ φρέατος τούτου εἶναι πάντῃ πόσιμον καὶ δὲν περιέχει οὐδεμίαν ἐκ τῶν βλαβερῶν οὐσιῶν.

Ἐν Ἀθήναις τῇ 28 Ἰουνίου 1899.

Σταμ. Κορνάρος

Διὰ τὴν ἀκρίβειαν τῆς ἀντιγραφῆς. Ἀθῆναι τῇ 29 Ἰουνίου 1899.

Ὁ Γραμματεὺς τῆς Διευθύνσεως

Μ. Ἐδερτ
Ἕκαστον βαρέλιον πωλεῖται πρὸς λεπτὰ 50 γεμάτον ἐντὸς 2 λεπτῶν τῆς ὥρας.
ΘΕΜ. Κ. ΙΑΤΡΟΣ

Ἐπὶ τριακονταετίαν ἐξασκήσας τὸ ἐπάγγελμα ἐν Σμύρνῃ, ἐγκατέστη δὲ ὡς ἰατρὸς ἐπὶ ἐνὸς μεγίστου τῶν ἐν τῇ Ἀνατολῇ Νοσοκομείων ἐπανελθὼν εἰς τὸ κέντρον τῆς ἐλευθέρας ἡμῶν πατρίδος.

Δέχεται δ' ἀσθενεῖς ἐν τῇ οἰκίᾳ αὐτοῦ

Ὁδὸς Βαλαωρίτου ἀρ. 13
Καθ' ἑκάστην ἀπὸ τῆς 9—11 π. μ.
